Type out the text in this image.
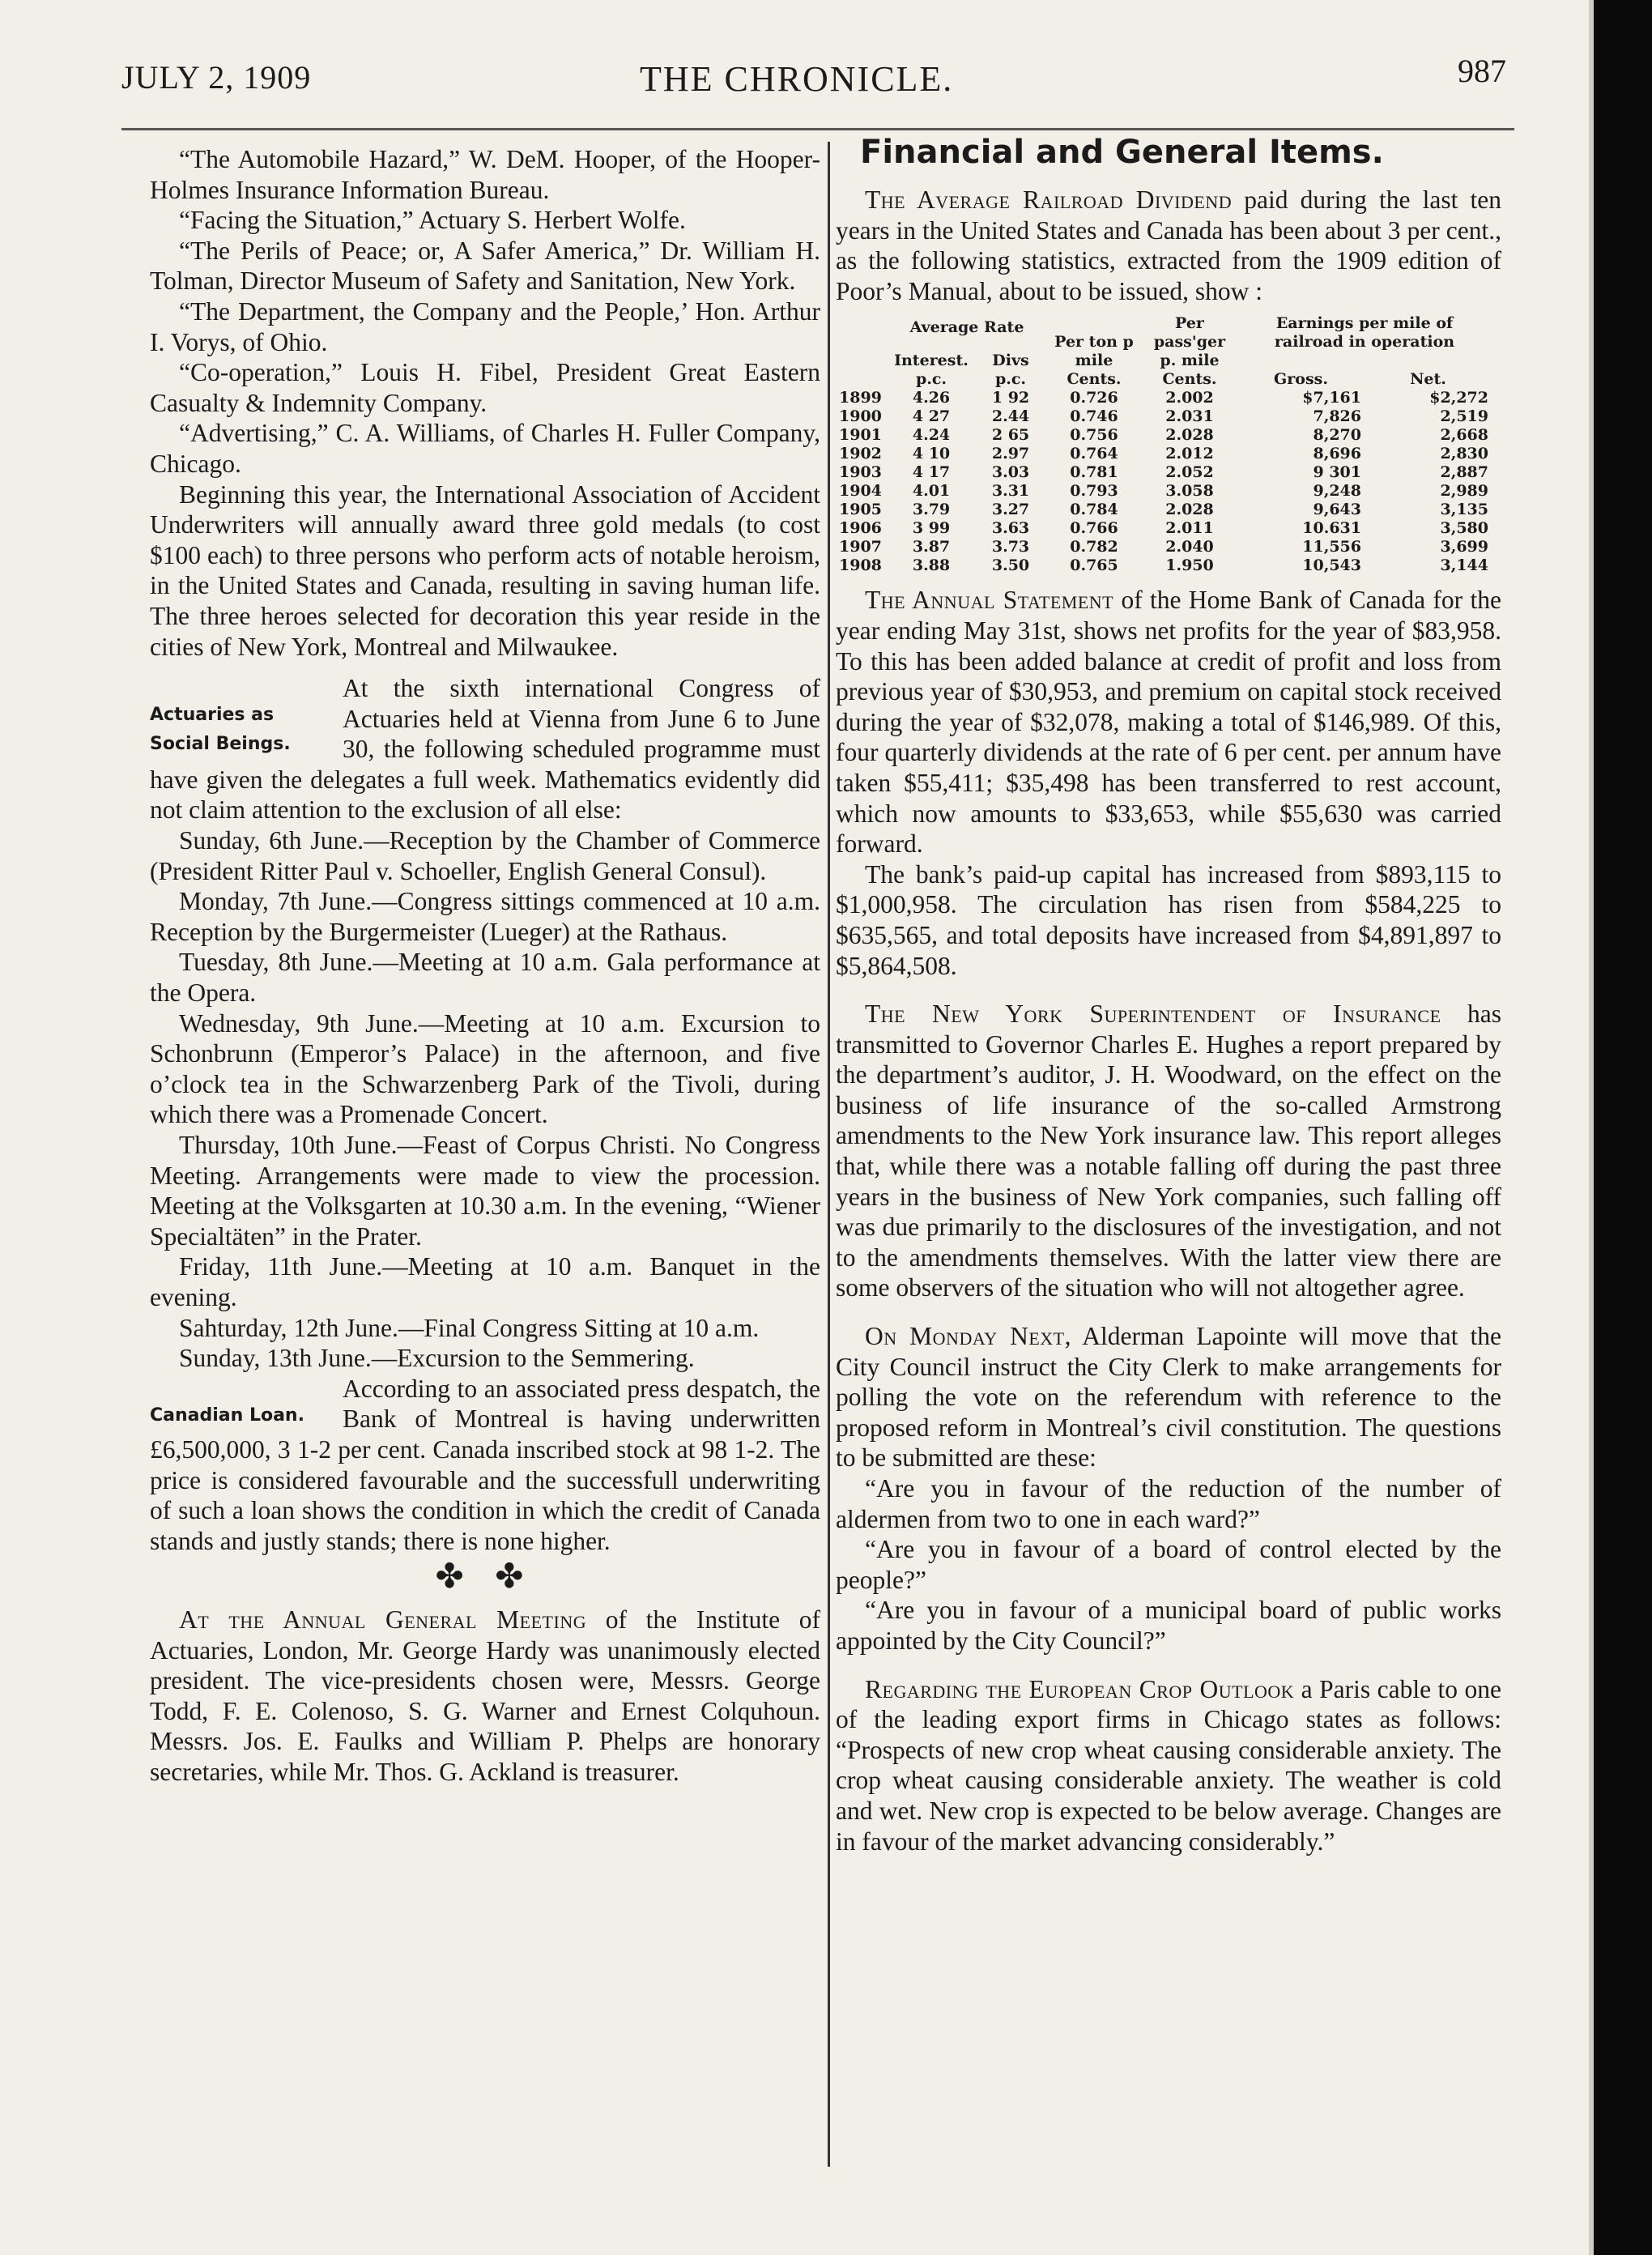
JULY 2, 1909	THE CHRONICLE.	987

“The Automobile Hazard,” W. DeM. Hooper, of the Hooper-Holmes Insurance Information Bureau.

“Facing the Situation,” Actuary S. Herbert Wolfe.

“The Perils of Peace; or, A Safer America,” Dr. William H. Tolman, Director Museum of Safety and Sanitation, New York.

“The Department, the Company and the People,’ Hon. Arthur I. Vorys, of Ohio.

“Co-operation,” Louis H. Fibel, President Great Eastern Casualty & Indemnity Company.

“Advertising,” C. A. Williams, of Charles H. Fuller Company, Chicago.

Beginning this year, the International Association of Accident Underwriters will annually award three gold medals (to cost $100 each) to three persons who perform acts of notable heroism, in the United States and Canada, resulting in saving human life. The three heroes selected for decoration this year reside in the cities of New York, Montreal and Milwaukee.

Actuaries as
Social Beings.

At the sixth international Congress of Actuaries held at Vienna from June 6 to June 30, the following scheduled programme must have given the delegates a full week. Mathematics evidently did not claim attention to the exclusion of all else:

Sunday, 6th June.—Reception by the Chamber of Commerce (President Ritter Paul v. Schoeller, English General Consul).

Monday, 7th June.—Congress sittings commenced at 10 a.m. Reception by the Burgermeister (Lueger) at the Rathaus.

Tuesday, 8th June.—Meeting at 10 a.m. Gala performance at the Opera.

Wednesday, 9th June.—Meeting at 10 a.m. Excursion to Schonbrunn (Emperor’s Palace) in the afternoon, and five o’clock tea in the Schwarzenberg Park of the Tivoli, during which there was a Promenade Concert.

Thursday, 10th June.—Feast of Corpus Christi. No Congress Meeting. Arrangements were made to view the procession. Meeting at the Volksgarten at 10.30 a.m. In the evening, “Wiener Specialtäten” in the Prater.

Friday, 11th June.—Meeting at 10 a.m. Banquet in the evening.

Sahturday, 12th June.—Final Congress Sitting at 10 a.m.

Sunday, 13th June.—Excursion to the Semmering.

Canadian Loan.

According to an associated press despatch, the Bank of Montreal is having underwritten £6,500,000, 3 1-2 per cent. Canada inscribed stock at 98 1-2. The price is considered favourable and the successfull underwriting of such a loan shows the condition in which the credit of Canada stands and justly stands; there is none higher.

✤ ✤

At the Annual General Meeting of the Institute of Actuaries, London, Mr. George Hardy was unanimously elected president. The vice-presidents chosen were, Messrs. George Todd, F. E. Colenoso, S. G. Warner and Ernest Colquhoun. Messrs. Jos. E. Faulks and William P. Phelps are honorary secretaries, while Mr. Thos. G. Ackland is treasurer.

Financial and General Items.

The Average Railroad Dividend paid during the last ten years in the United States and Canada has been about 3 per cent., as the following statistics, extracted from the 1909 edition of Poor’s Manual, about to be issued, show :

	Average Rate		Per ton p mile Cents.	Per pass'ger p. mile Cents.	Earnings per mile of railroad in operation	
	Interest. p.c.	Divs p.c.			Gross.	Net.
1899	4.26	1 92	0.726	2.002	$7,161	$2,272
1900	4 27	2.44	0.746	2.031	7,826	2,519
1901	4.24	2 65	0.756	2.028	8,270	2,668
1902	4 10	2.97	0.764	2.012	8,696	2,830
1903	4 17	3.03	0.781	2.052	9 301	2,887
1904	4.01	3.31	0.793	3.058	9,248	2,989
1905	3.79	3.27	0.784	2.028	9,643	3,135
1906	3 99	3.63	0.766	2.011	10.631	3,580
1907	3.87	3.73	0.782	2.040	11,556	3,699
1908	3.88	3.50	0.765	1.950	10,543	3,144

The Annual Statement of the Home Bank of Canada for the year ending May 31st, shows net profits for the year of $83,958. To this has been added balance at credit of profit and loss from previous year of $30,953, and premium on capital stock received during the year of $32,078, making a total of $146,989. Of this, four quarterly dividends at the rate of 6 per cent. per annum have taken $55,411; $35,498 has been transferred to rest account, which now amounts to $33,653, while $55,630 was carried forward.

The bank’s paid-up capital has increased from $893,115 to $1,000,958. The circulation has risen from $584,225 to $635,565, and total deposits have increased from $4,891,897 to $5,864,508.

The New York Superintendent of Insurance has transmitted to Governor Charles E. Hughes a report prepared by the department’s auditor, J. H. Woodward, on the effect on the business of life insurance of the so-called Armstrong amendments to the New York insurance law. This report alleges that, while there was a notable falling off during the past three years in the business of New York companies, such falling off was due primarily to the disclosures of the investigation, and not to the amendments themselves. With the latter view there are some observers of the situation who will not altogether agree.

On Monday Next, Alderman Lapointe will move that the City Council instruct the City Clerk to make arrangements for polling the vote on the referendum with reference to the proposed reform in Montreal’s civil constitution. The questions to be submitted are these:

“Are you in favour of the reduction of the number of aldermen from two to one in each ward?”

“Are you in favour of a board of control elected by the people?”

“Are you in favour of a municipal board of public works appointed by the City Council?”

Regarding the European Crop Outlook a Paris cable to one of the leading export firms in Chicago states as follows: “Prospects of new crop wheat causing considerable anxiety. The crop wheat causing considerable anxiety. The weather is cold and wet. New crop is expected to be below average. Changes are in favour of the market advancing considerably.”
